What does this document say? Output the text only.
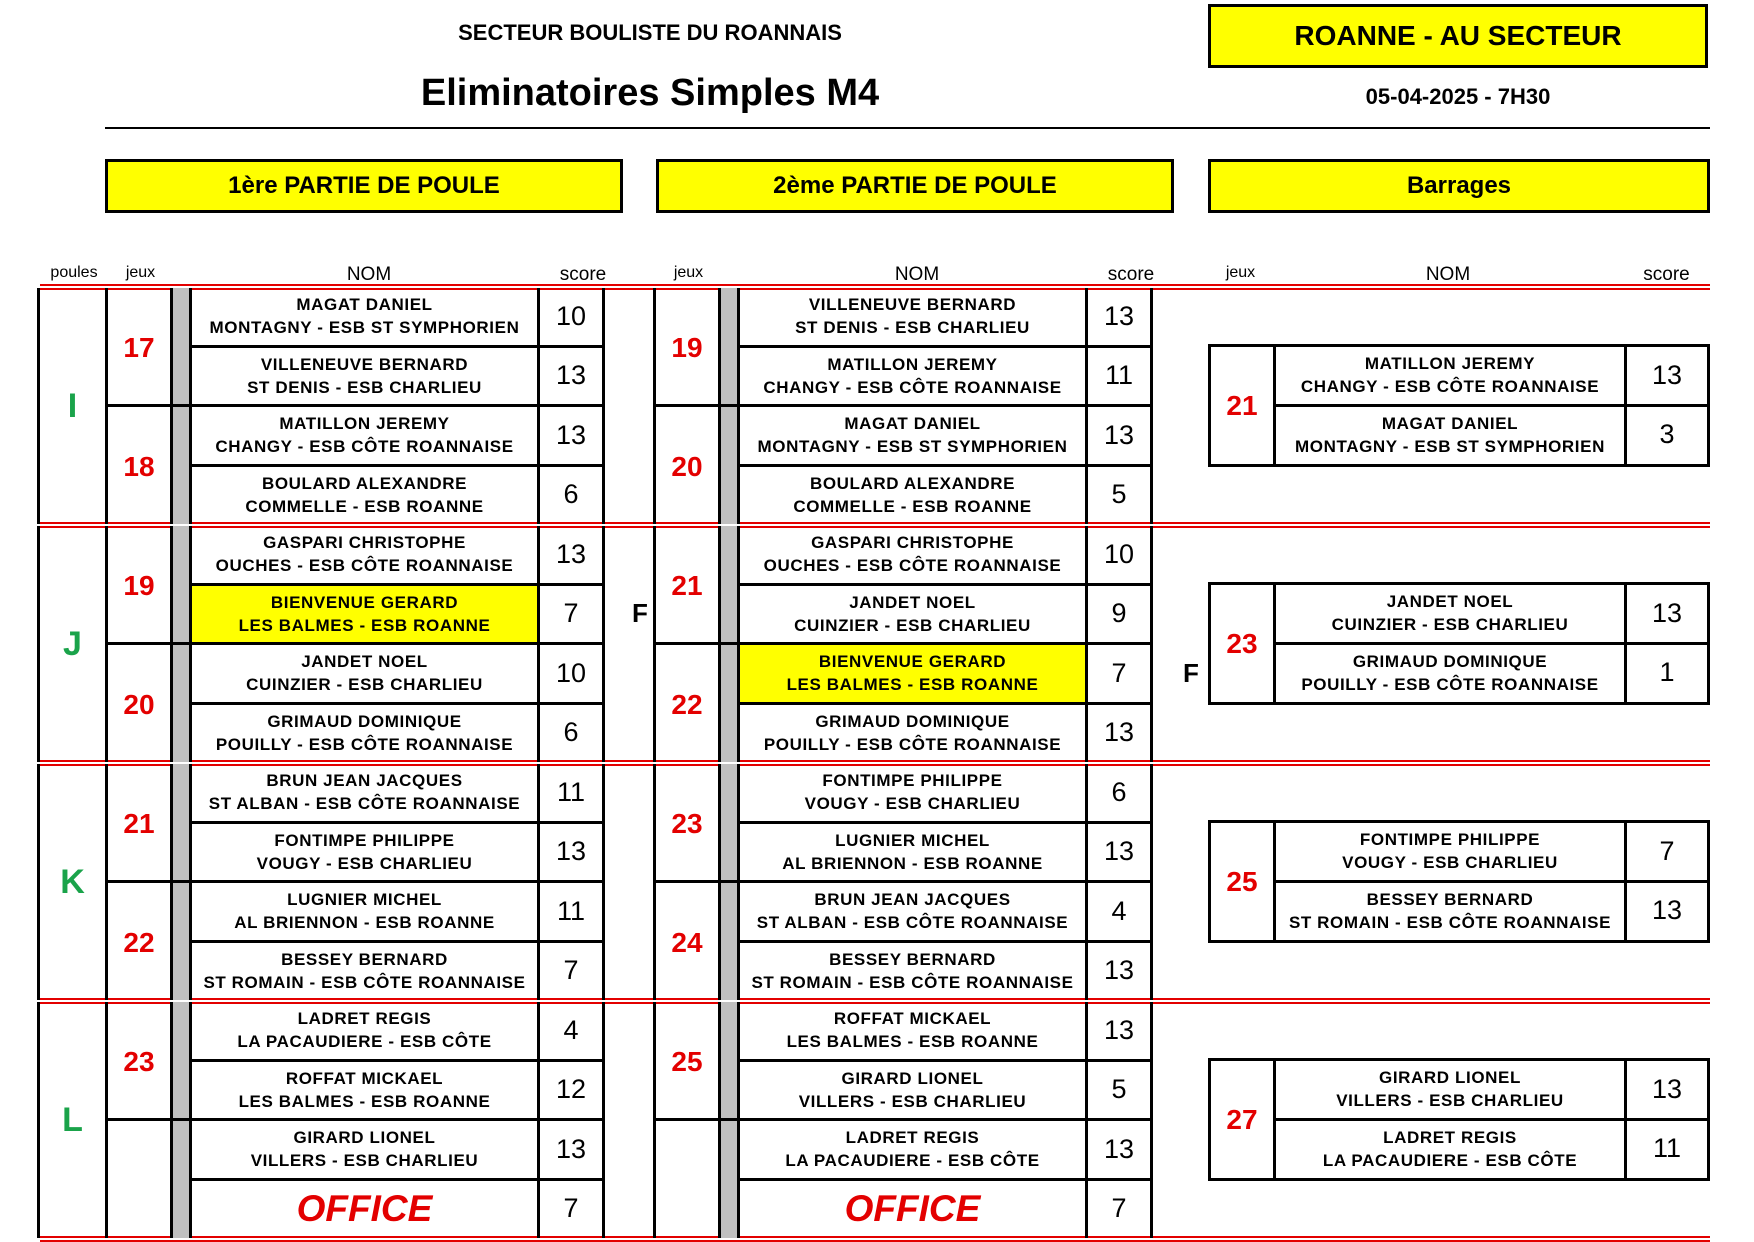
SECTEUR BOULISTE DU ROANNAIS
Eliminatoires Simples M4
ROANNE - AU SECTEUR
05-04-2025 - 7H30
1ère PARTIE DE POULE	2ème PARTIE DE POULE	Barrages
poules	jeux	NOM	score	jeux	NOM	score	jeux	NOM	score
F
F
I
17
MAGAT DANIEL
MONTAGNY - ESB ST SYMPHORIEN	10
VILLENEUVE BERNARD
ST DENIS - ESB CHARLIEU	13
18
MATILLON JEREMY
CHANGY - ESB CÔTE ROANNAISE	13
BOULARD ALEXANDRE
COMMELLE - ESB ROANNE	6
19
VILLENEUVE BERNARD
ST DENIS - ESB CHARLIEU	13
MATILLON JEREMY
CHANGY - ESB CÔTE ROANNAISE	11
20
MAGAT DANIEL
MONTAGNY - ESB ST SYMPHORIEN	13
BOULARD ALEXANDRE
COMMELLE - ESB ROANNE	5
21
MATILLON JEREMY
CHANGY - ESB CÔTE ROANNAISE	13
MAGAT DANIEL
MONTAGNY - ESB ST SYMPHORIEN	3
J
19
GASPARI CHRISTOPHE
OUCHES - ESB CÔTE ROANNAISE	13
BIENVENUE GERARD
LES BALMES - ESB ROANNE	7
20
JANDET NOEL
CUINZIER - ESB CHARLIEU	10
GRIMAUD DOMINIQUE
POUILLY - ESB CÔTE ROANNAISE	6
21
GASPARI CHRISTOPHE
OUCHES - ESB CÔTE ROANNAISE	10
JANDET NOEL
CUINZIER - ESB CHARLIEU	9
22
BIENVENUE GERARD
LES BALMES - ESB ROANNE	7
GRIMAUD DOMINIQUE
POUILLY - ESB CÔTE ROANNAISE	13
23
JANDET NOEL
CUINZIER - ESB CHARLIEU	13
GRIMAUD DOMINIQUE
POUILLY - ESB CÔTE ROANNAISE	1
K
21
BRUN JEAN JACQUES
ST ALBAN - ESB CÔTE ROANNAISE	11
FONTIMPE PHILIPPE
VOUGY - ESB CHARLIEU	13
22
LUGNIER MICHEL
AL BRIENNON - ESB ROANNE	11
BESSEY BERNARD
ST ROMAIN - ESB CÔTE ROANNAISE	7
23
FONTIMPE PHILIPPE
VOUGY - ESB CHARLIEU	6
LUGNIER MICHEL
AL BRIENNON - ESB ROANNE	13
24
BRUN JEAN JACQUES
ST ALBAN - ESB CÔTE ROANNAISE	4
BESSEY BERNARD
ST ROMAIN - ESB CÔTE ROANNAISE	13
25
FONTIMPE PHILIPPE
VOUGY - ESB CHARLIEU	7
BESSEY BERNARD
ST ROMAIN - ESB CÔTE ROANNAISE	13
L
23
LADRET REGIS
LA PACAUDIERE - ESB CÔTE	4
ROFFAT MICKAEL
LES BALMES - ESB ROANNE	12
GIRARD LIONEL
VILLERS - ESB CHARLIEU	13
OFFICE	7
25
ROFFAT MICKAEL
LES BALMES - ESB ROANNE	13
GIRARD LIONEL
VILLERS - ESB CHARLIEU	5
LADRET REGIS
LA PACAUDIERE - ESB CÔTE	13
OFFICE	7
27
GIRARD LIONEL
VILLERS - ESB CHARLIEU	13
LADRET REGIS
LA PACAUDIERE - ESB CÔTE	11
